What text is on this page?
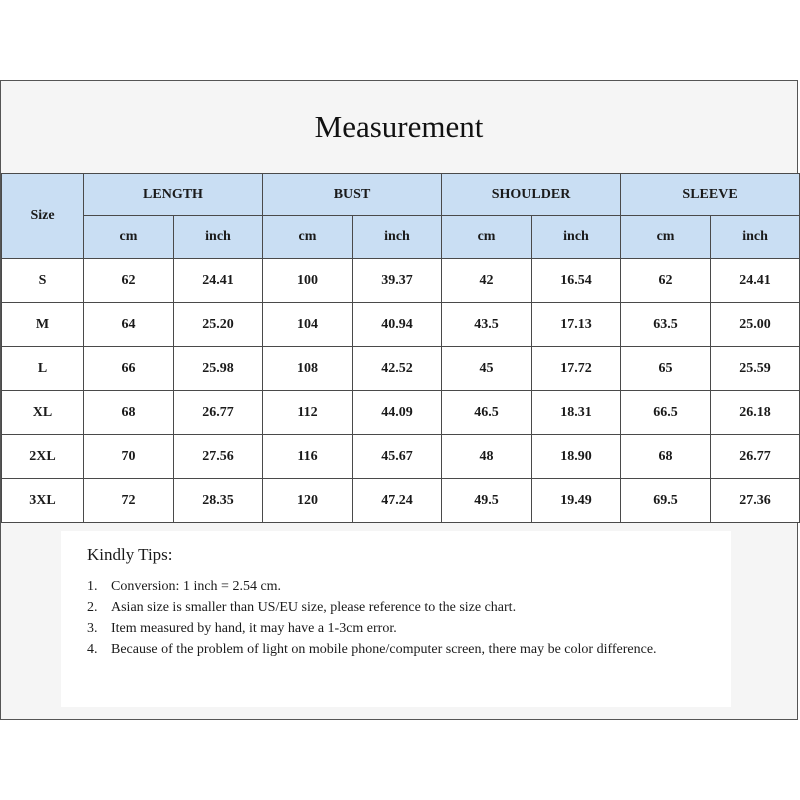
Measurement
Size	LENGTH		BUST		SHOULDER		SLEEVE	
	cm	inch	cm	inch	cm	inch	cm	inch
S	62	24.41	100	39.37	42	16.54	62	24.41
M	64	25.20	104	40.94	43.5	17.13	63.5	25.00
L	66	25.98	108	42.52	45	17.72	65	25.59
XL	68	26.77	112	44.09	46.5	18.31	66.5	26.18
2XL	70	27.56	116	45.67	48	18.90	68	26.77
3XL	72	28.35	120	47.24	49.5	19.49	69.5	27.36
Kindly Tips:
1. Conversion: 1 inch = 2.54 cm.
2. Asian size is smaller than US/EU size, please reference to the size chart.
3. Item measured by hand, it may have a 1-3cm error.
4. Because of the problem of light on mobile phone/computer screen, there may be color difference.
